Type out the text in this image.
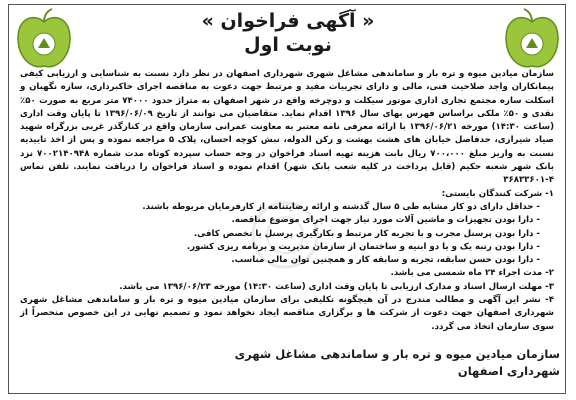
« آگهی فراخوان »
نوبت اول

سازمان میادین میوه و تره بار و ساماندهی مشاغل شهری شهرداری اصفهان در نظر دارد نسبت به شناسایی و ارزیابی کیفی پیمانکاران واجد صلاحیت فنی، مالی و دارای تجربیات مفید و مرتبط جهت دعوت به مناقصه اجرای خاکبرداری، سازه نگهبان و اسکلت سازه مجتمع تجاری اداری موتور سیکلت و دوچرخه واقع در شهر اصفهان به متراژ حدود ۷۴۰۰۰ متر مربع به صورت ۵۰٪ نقدی و ۵۰٪ ملکی براساس فهرس بهای سال ۱۳۹۶ اقدام نماید. متقاضیان می توانند از تاریخ ۱۳۹۶/۰۶/۰۹ تا پایان وقت اداری (ساعت ۱۴:۳۰) مورخه ۱۳۹۶/۰۶/۲۱ با ارائه معرفی نامه معتبر به معاونت عمرانی سازمان واقع در کنارگذر غربی بزرگراه شهید صیاد شیرازی، حدفاصل خیابان های هشت بهشت و رکن الدوله، نبش کوچه احسان، پلاک ۵ مراجعه نموده و پس از اخذ تاییدیه نسبت به واریز مبلغ ۷۰۰،۰۰۰ ریال بابت هزینه تهیه اسناد فراخوان در وجه حساب سپرده کوتاه مدت شماره ۷۰۰۲۱۴۰۹۴۸ نزد بانک شهر شعبه حکیم (قابل پرداخت در کلیه شعب بانک شهر) اقدام نموده و اسناد فراخوان را دریافت نمایند. تلفن تماس ۴-۳۶۸۳۳۶۰۱

۱- شرکت کنندگان بایستی:
- حداقل دارای دو کار مشابه طی ۵ سال گذشته و ارائه رضایتنامه از کارفرمایان مربوطه باشند.
- دارا بودن تجهیزات و ماشین آلات مورد نیاز جهت اجرای موضوع مناقصه.
- دارا بودن پرسنل مجرب و با تجربه کار مرتبط و بکارگیری پرسنل با تخصص کافی.
- دارا بودن رتبه یک و یا دو ابنیه و ساختمان از سازمان مدیریت و برنامه ریزی کشور.
- دارا بودن حسن سابقه، تجربه و سابقه کار و همچنین توان مالی مناسب.
۲- مدت اجراء ۲۴ ماه شمسی می باشد.
۳- مهلت ارسال اسناد و مدارک ارزیابی تا پایان وقت اداری (ساعت ۱۴:۳۰) مورخه ۱۳۹۶/۰۶/۲۳ می باشد.
۴- نشر این آگهی و مطالب مندرج در آن هیچگونه تکلیفی برای سازمان میادین میوه و تره بار و ساماندهی مشاغل شهری شهرداری اصفهان جهت دعوت از شرکت ها و برگزاری مناقصه ایجاد نخواهد نمود و تصمیم نهایی در این خصوص منحصراً از سوی سازمان اتخاذ می گردد.
سازمان میادین میوه و تره بار و ساماندهی مشاغل شهری
شهرداری اصفهان
